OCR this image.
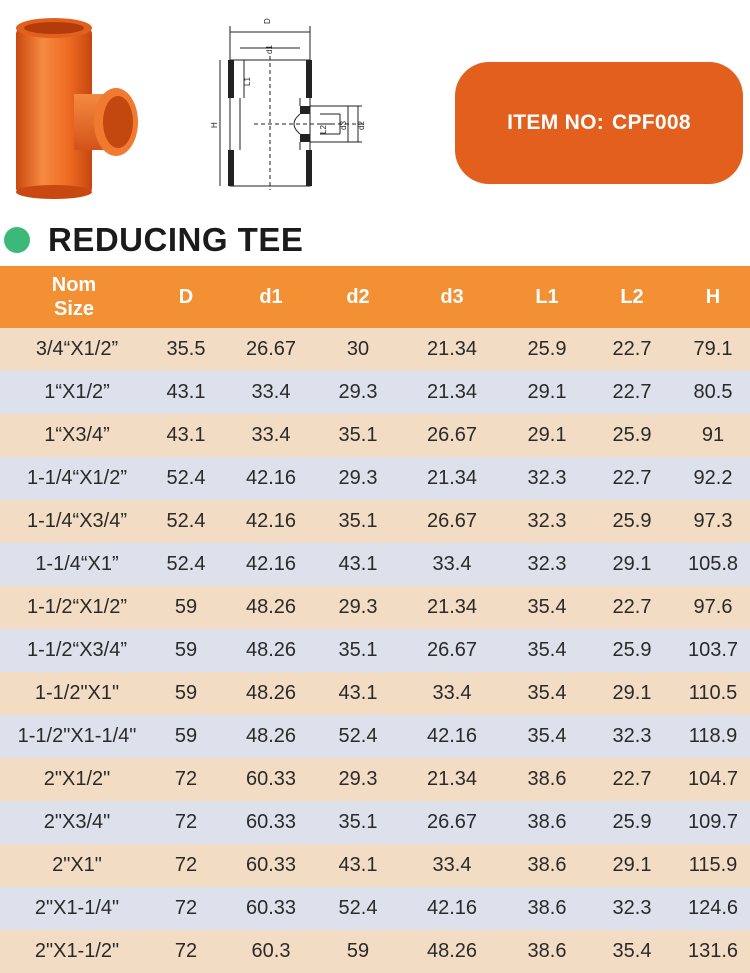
D
d1
L1
H	L2 d3 d2	ITEM NO: CPF008
REDUCING TEE
Nom
Size	D	d1	d2	d3	L1	L2	H
3/4“X1/2”	35.5	26.67	30	21.34	25.9	22.7	79.1
1“X1/2”	43.1	33.4	29.3	21.34	29.1	22.7	80.5
1“X3/4”	43.1	33.4	35.1	26.67	29.1	25.9	91
1-1/4“X1/2”	52.4	42.16	29.3	21.34	32.3	22.7	92.2
1-1/4“X3/4”	52.4	42.16	35.1	26.67	32.3	25.9	97.3
1-1/4“X1”	52.4	42.16	43.1	33.4	32.3	29.1	105.8
1-1/2“X1/2”	59	48.26	29.3	21.34	35.4	22.7	97.6
1-1/2“X3/4”	59	48.26	35.1	26.67	35.4	25.9	103.7
1-1/2"X1"	59	48.26	43.1	33.4	35.4	29.1	110.5
1-1/2"X1-1/4"	59	48.26	52.4	42.16	35.4	32.3	118.9
2"X1/2"	72	60.33	29.3	21.34	38.6	22.7	104.7
2"X3/4"	72	60.33	35.1	26.67	38.6	25.9	109.7
2"X1"	72	60.33	43.1	33.4	38.6	29.1	115.9
2"X1-1/4"	72	60.33	52.4	42.16	38.6	32.3	124.6
2"X1-1/2"	72	60.3	59	48.26	38.6	35.4	131.6
